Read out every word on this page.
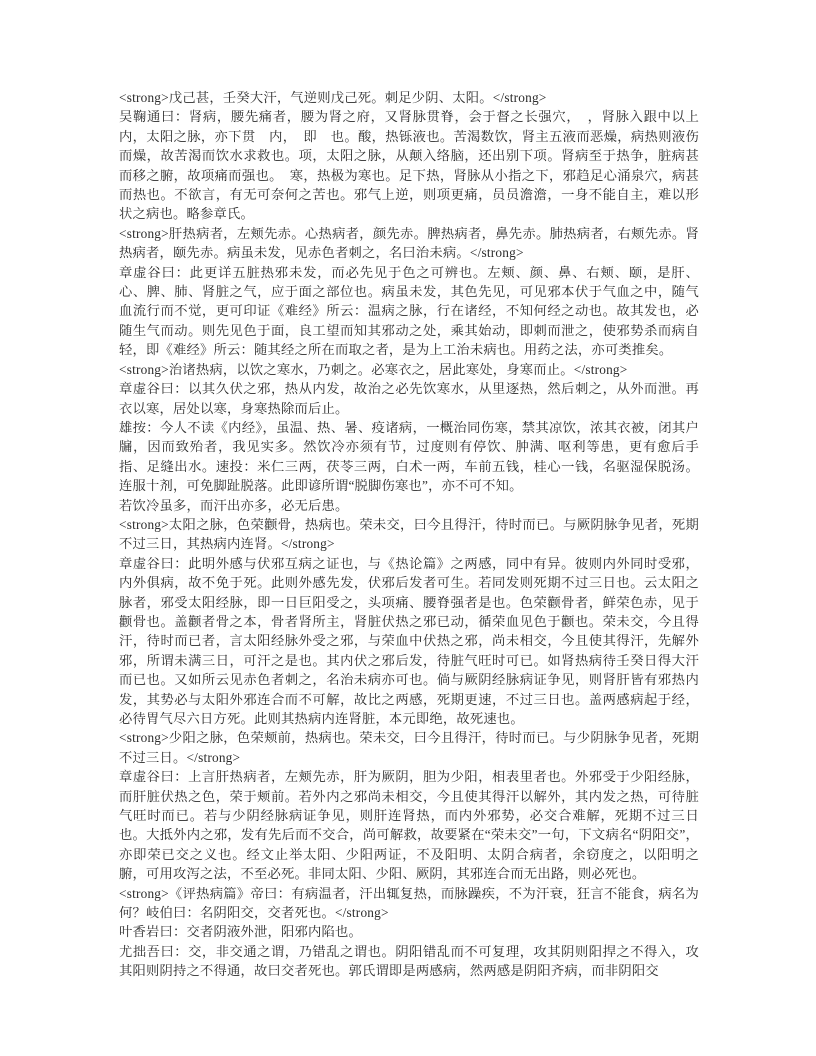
<strong>戊己甚，壬癸大汗，气逆则戊己死。刺足少阴、太阳。</strong>

吴鞠通曰：肾病，腰先痛者，腰为肾之府，又肾脉贯脊，会于督之长强穴，　，肾脉入跟中以上内，太阳之脉，亦下贯　内，　即　也。酸，热铄液也。苦渴数饮，肾主五液而恶燥，病热则液伤而燥，故苦渴而饮水求救也。项，太阳之脉，从颠入络脑，还出别下项。肾病至于热争，脏病甚而移之腑，故项痛而强也。　寒，热极为寒也。足下热，肾脉从小指之下，邪趋足心涌泉穴，病甚而热也。不欲言，有无可奈何之苦也。邪气上逆，则项更痛，员员澹澹，一身不能自主，难以形状之病也。略参章氏。

<strong>肝热病者，左颊先赤。心热病者，颜先赤。脾热病者，鼻先赤。肺热病者，右颊先赤。肾热病者，颐先赤。病虽未发，见赤色者刺之，名曰治未病。</strong>

章虚谷曰：此更详五脏热邪未发，而必先见于色之可辨也。左颊、颜、鼻、右颊、颐，是肝、心、脾、肺、肾脏之气，应于面之部位也。病虽未发，其色先见，可见邪本伏于气血之中，随气血流行而不觉，更可印证《难经》所云：温病之脉，行在诸经，不知何经之动也。故其发也，必随生气而动。则先见色于面，良工望而知其邪动之处，乘其始动，即刺而泄之，使邪势杀而病自轻，即《难经》所云：随其经之所在而取之者，是为上工治未病也。用药之法，亦可类推矣。

<strong>治诸热病，以饮之寒水，乃刺之。必寒衣之，居此寒处，身寒而止。</strong>

章虚谷曰：以其久伏之邪，热从内发，故治之必先饮寒水，从里逐热，然后刺之，从外而泄。再衣以寒，居处以寒，身寒热除而后止。

雄按：今人不读《内经》，虽温、热、暑、疫诸病，一概治同伤寒，禁其凉饮，浓其衣被，闭其户牖，因而致殆者，我见实多。然饮冷亦须有节，过度则有停饮、肿满、呕利等患，更有愈后手指、足缝出水。速投：米仁三两，茯苓三两，白术一两，车前五钱，桂心一钱，名驱湿保脱汤。连服十剂，可免脚趾脱落。此即谚所谓“脱脚伤寒也”，亦不可不知。

若饮冷虽多，而汗出亦多，必无后患。

<strong>太阳之脉，色荣颧骨，热病也。荣未交，曰今且得汗，待时而已。与厥阴脉争见者，死期不过三日，其热病内连肾。</strong>

章虚谷曰：此明外感与伏邪互病之证也，与《热论篇》之两感，同中有异。彼则内外同时受邪，内外俱病，故不免于死。此则外感先发，伏邪后发者可生。若同发则死期不过三日也。云太阳之脉者，邪受太阳经脉，即一日巨阳受之，头项痛、腰脊强者是也。色荣颧骨者，鲜荣色赤，见于颧骨也。盖颧者骨之本，骨者肾所主，肾脏伏热之邪已动，循荣血见色于颧也。荣未交，今且得汗，待时而已者，言太阳经脉外受之邪，与荣血中伏热之邪，尚未相交，今且使其得汗，先解外邪，所谓未满三日，可汗之是也。其内伏之邪后发，待脏气旺时可已。如肾热病待壬癸日得大汗而已也。又如所云见赤色者刺之，名治未病亦可也。倘与厥阴经脉病证争见，则肾肝皆有邪热内发，其势必与太阳外邪连合而不可解，故比之两感，死期更速，不过三日也。盖两感病起于经，必待胃气尽六日方死。此则其热病内连肾脏，本元即绝，故死速也。

<strong>少阳之脉，色荣颊前，热病也。荣未交，曰今且得汗，待时而已。与少阴脉争见者，死期不过三日。</strong>

章虚谷曰：上言肝热病者，左颊先赤，肝为厥阴，胆为少阳，相表里者也。外邪受于少阳经脉，而肝脏伏热之色，荣于颊前。若外内之邪尚未相交，今且使其得汗以解外，其内发之热，可待脏气旺时而已。若与少阴经脉病证争见，则肝连肾热，而内外邪势，必交合难解，死期不过三日也。大抵外内之邪，发有先后而不交合，尚可解救，故要紧在“荣未交”一句，下文病名“阴阳交”，亦即荣已交之义也。经文止举太阳、少阳两证，不及阳明、太阴合病者，余窃度之，以阳明之腑，可用攻泻之法，不至必死。非同太阳、少阳、厥阴，其邪连合而无出路，则必死也。

<strong>《评热病篇》帝曰：有病温者，汗出辄复热，而脉躁疾，不为汗衰，狂言不能食，病名为何？岐伯曰：名阴阳交，交者死也。</strong>

叶香岩曰：交者阴液外泄，阳邪内陷也。

尤拙吾曰：交，非交通之谓，乃错乱之谓也。阴阳错乱而不可复理，攻其阴则阳捍之不得入，攻其阳则阴持之不得通，故曰交者死也。郭氏谓即是两感病，然两感是阴阳齐病，而非阴阳交
